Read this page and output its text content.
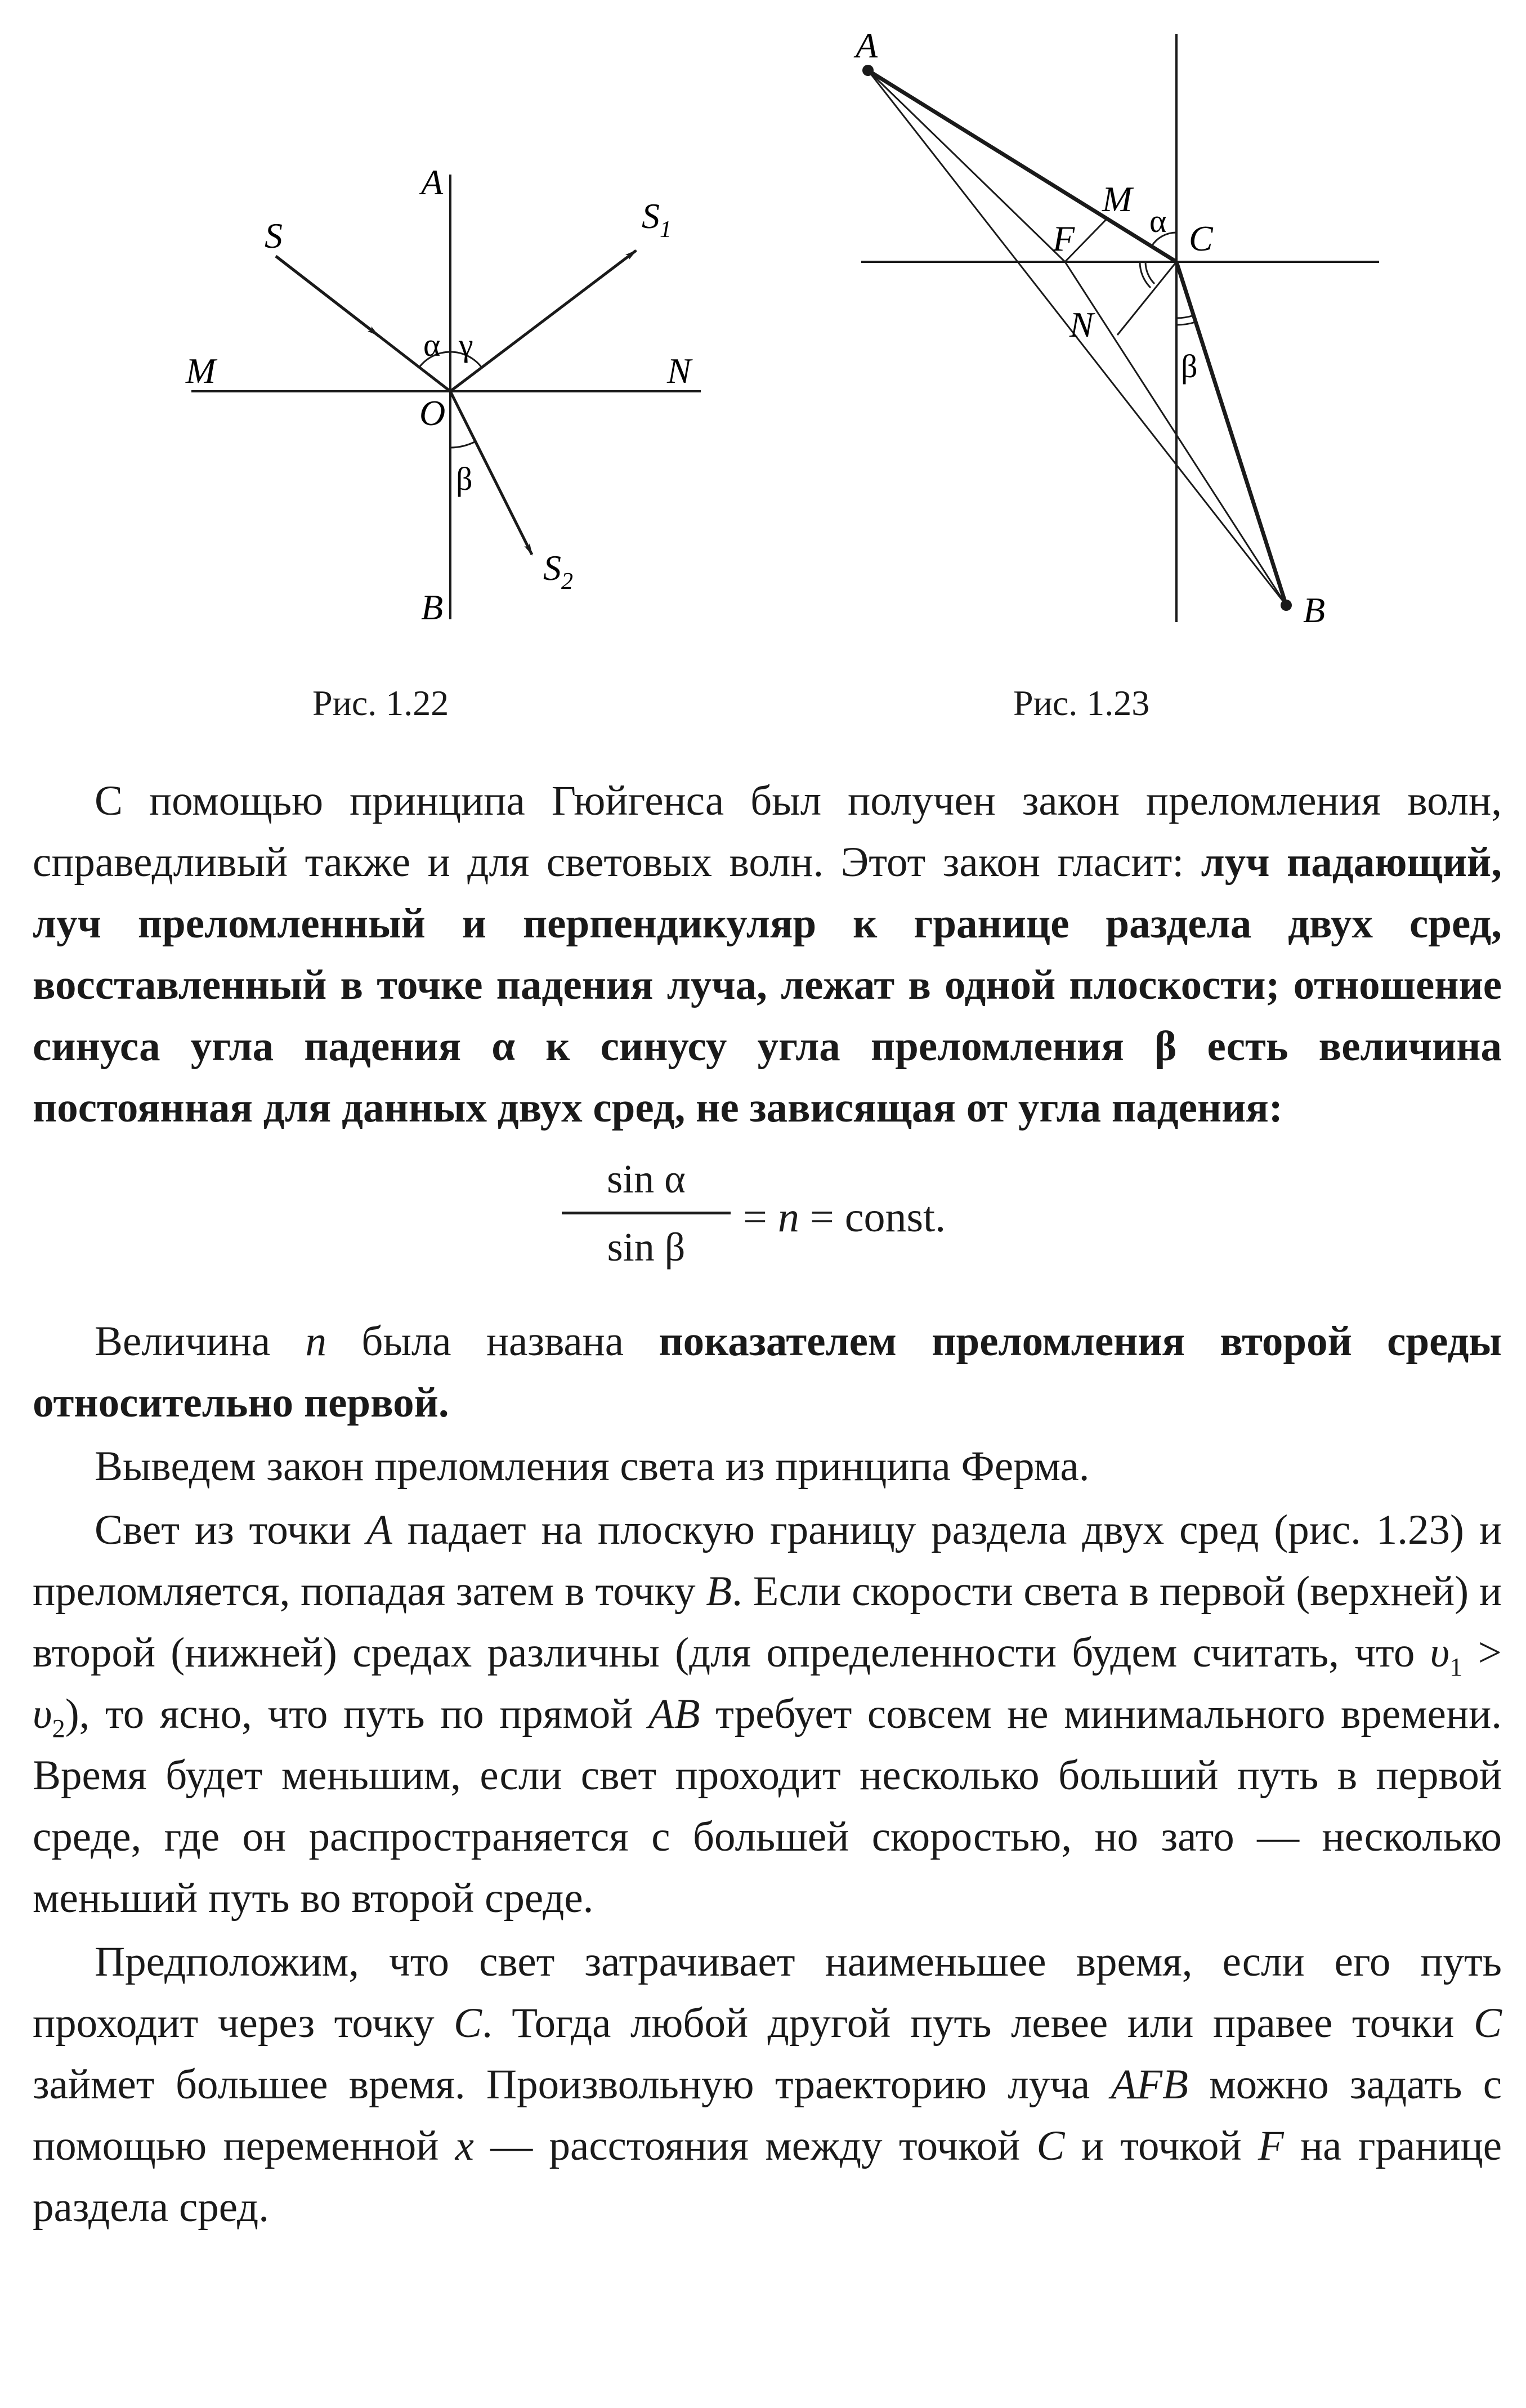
S	$S_1$
$S_2$
A
B
M	N
O
α γ
β
Рис. 1.22
A
B
C
F
M
N
α
β
Рис. 1.23

С помощью принципа Гюйгенса был получен закон преломления волн, справедливый также и для световых волн. Этот закон гласит: луч падающий, луч преломленный и перпендикуляр к границе раздела двух сред, восставленный в точке падения луча, лежат в одной плоскости; отношение синуса угла падения α к синусу угла преломления β есть величина постоянная для данных двух сред, не зависящая от угла падения:

sin α
sin β
= n = const.

Величина n была названа показателем преломления второй среды относительно первой.

Выведем закон преломления света из принципа Ферма.

Свет из точки A падает на плоскую границу раздела двух сред (рис. 1.23) и преломляется, попадая затем в точку B. Если скорости света в первой (верхней) и второй (нижней) средах различны (для определенности будем считать, что $\upsilon_1 > \upsilon_2$), то ясно, что путь по прямой AB требует совсем не минимального времени. Время будет меньшим, если свет проходит несколько больший путь в первой среде, где он распространяется с большей скоростью, но зато — несколько меньший путь во второй среде.

Предположим, что свет затрачивает наименьшее время, если его путь проходит через точку C. Тогда любой другой путь левее или правее точки C займет большее время. Произвольную траекторию луча AFB можно задать с помощью переменной x — расстояния между точкой C и точкой F на границе раздела сред.
